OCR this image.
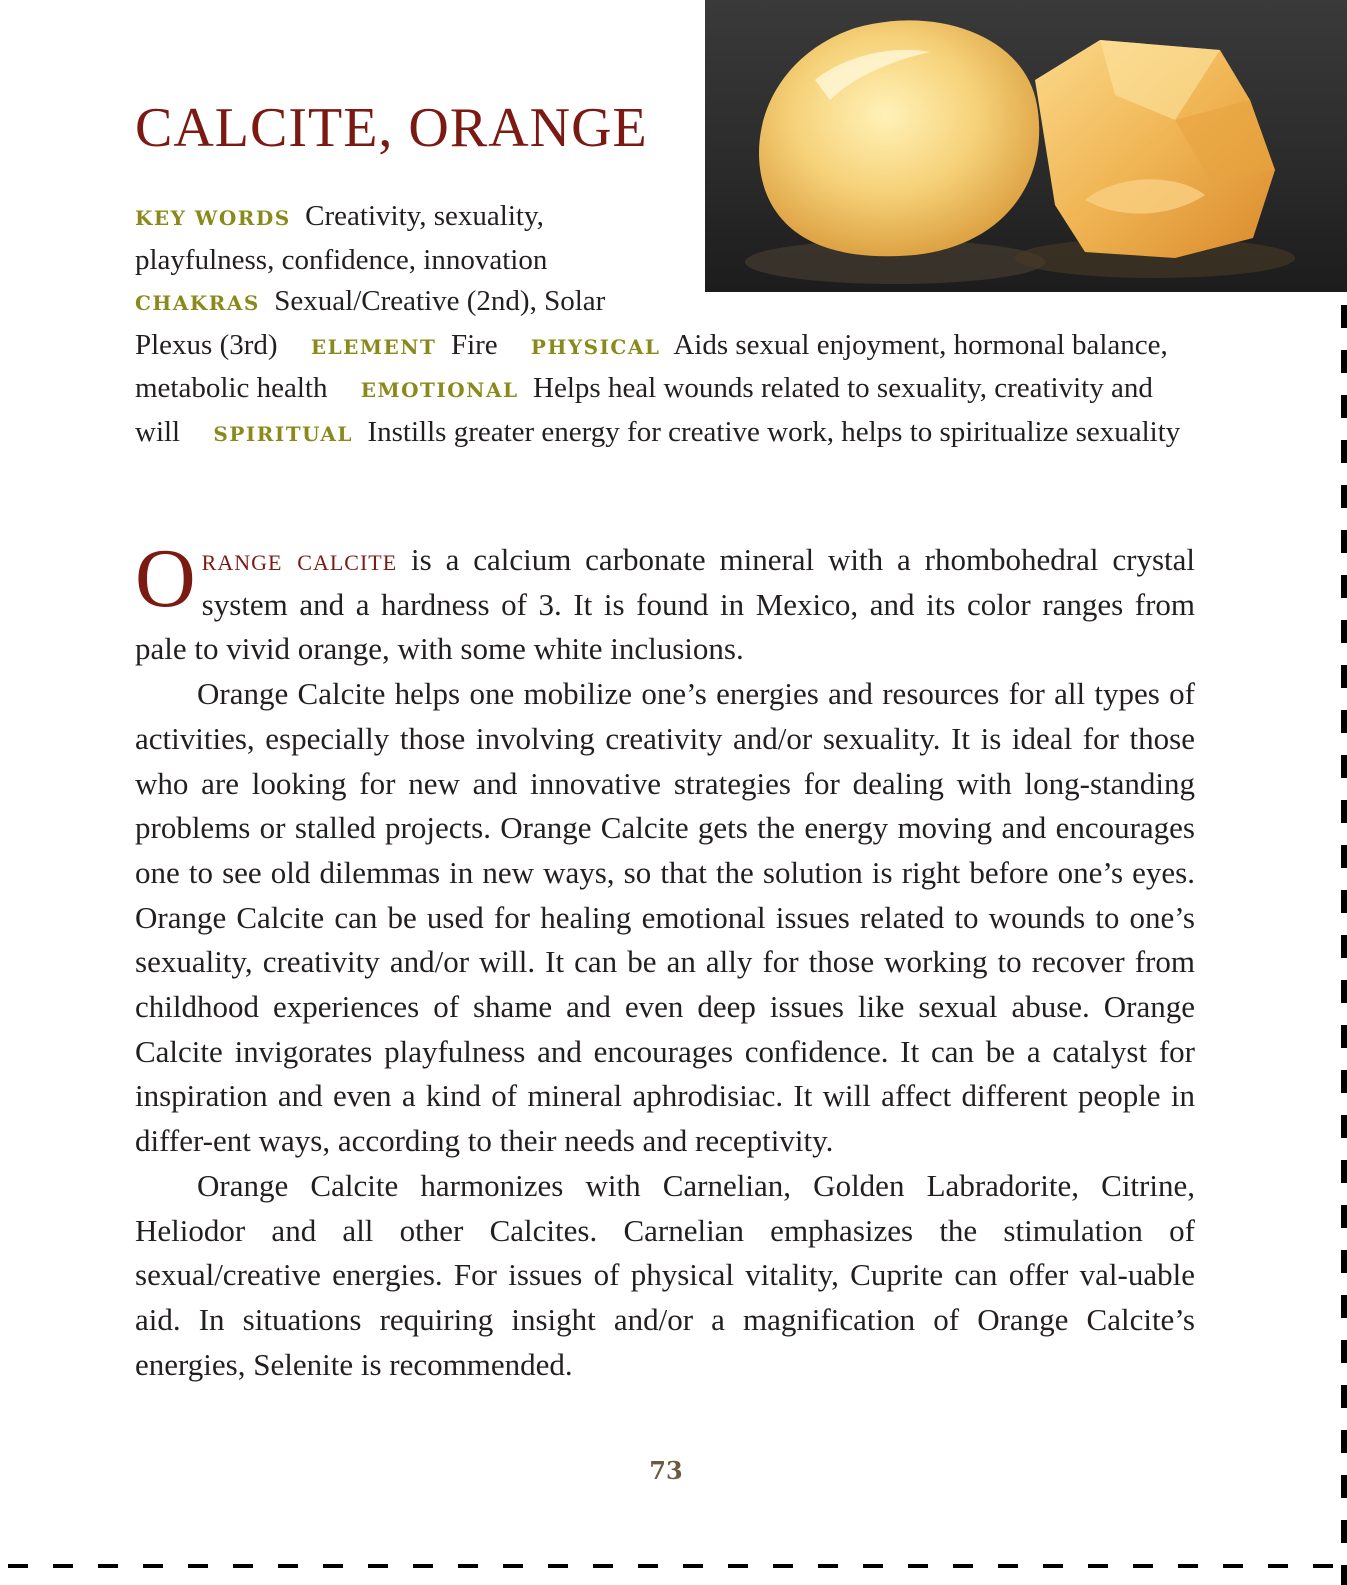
CALCITE, ORANGE
KEY WORDS Creativity, sexuality, playfulness, confidence, innovation CHAKRAS Sexual/Creative (2nd), Solar
Plexus (3rd) ELEMENT Fire PHYSICAL Aids sexual enjoyment, hormonal balance, metabolic health EMOTIONAL Helps heal wounds related to sexuality, creativity and will SPIRITUAL Instills greater energy for creative work, helps to spiritualize sexuality

Orange calcite is a calcium carbonate mineral with a rhombohedral crystal system and a hardness of 3. It is found in Mexico, and its color ranges from pale to vivid orange, with some white inclusions.

Orange Calcite helps one mobilize one’s energies and resources for all types of activities, especially those involving creativity and/or sexuality. It is ideal for those who are looking for new and innovative strategies for dealing with long-standing problems or stalled projects. Orange Calcite gets the energy moving and encourages one to see old dilemmas in new ways, so that the solution is right before one’s eyes. Orange Calcite can be used for healing emotional issues related to wounds to one’s sexuality, creativity and/or will. It can be an ally for those working to recover from childhood experiences of shame and even deep issues like sexual abuse. Orange Calcite invigorates playfulness and encourages confidence. It can be a catalyst for inspiration and even a kind of mineral aphrodisiac. It will affect different people in differ-ent ways, according to their needs and receptivity.

Orange Calcite harmonizes with Carnelian, Golden Labradorite, Citrine, Heliodor and all other Calcites. Carnelian emphasizes the stimulation of sexual/creative energies. For issues of physical vitality, Cuprite can offer val-uable aid. In situations requiring insight and/or a magnification of Orange Calcite’s energies, Selenite is recommended.

73
